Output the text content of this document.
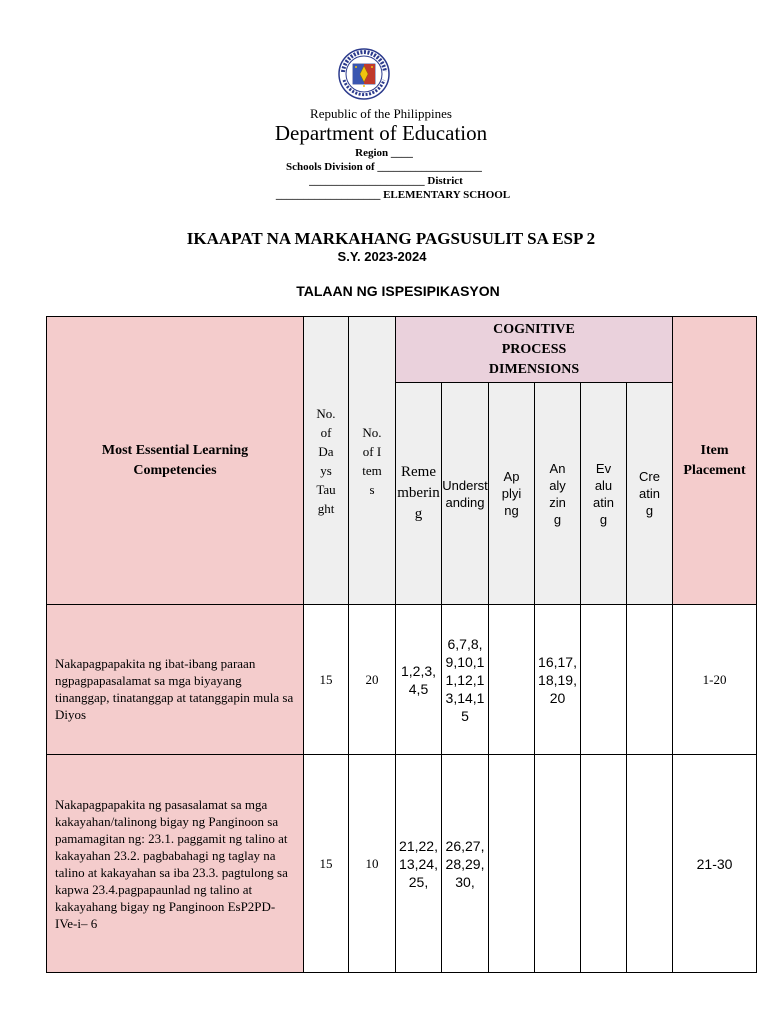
Republic of the Philippines
Department of Education
Region ____
Schools Division of ___________________
_____________________ District
___________________ ELEMENTARY SCHOOL
IKAAPAT NA MARKAHANG PAGSUSULIT SA ESP 2
S.Y. 2023-2024
TALAAN NG ISPESIPIKASYON
Most Essential Learning Competencies	No. of Days Taught	No. of Items	COGNITIVE PROCESS DIMENSIONS						Item Placement
			Remembering	Understanding	Applying	Analyzing	Evaluating	Creating	
Nakapagpapakita ng ibat-ibang paraan ngpagpapasalamat sa mga biyayang tinanggap, tinatanggap at tatanggapin mula sa Diyos	15	20	1,2,3,4,5	6,7,8,9,10,11,12,13,14,15		16,17,18,19,20			1-20
Nakapagpapakita ng pasasalamat sa mga kakayahan/talinong bigay ng Panginoon sa pamamagitan ng: 23.1. paggamit ng talino at kakayahan 23.2. pagbabahagi ng taglay na talino at kakayahan sa iba 23.3. pagtulong sa kapwa 23.4.pagpapaunlad ng talino at kakayahang bigay ng Panginoon EsP2PD-IVe-i– 6	15	10	21,22,13,24,25,	26,27,28,29,30,					21-30
